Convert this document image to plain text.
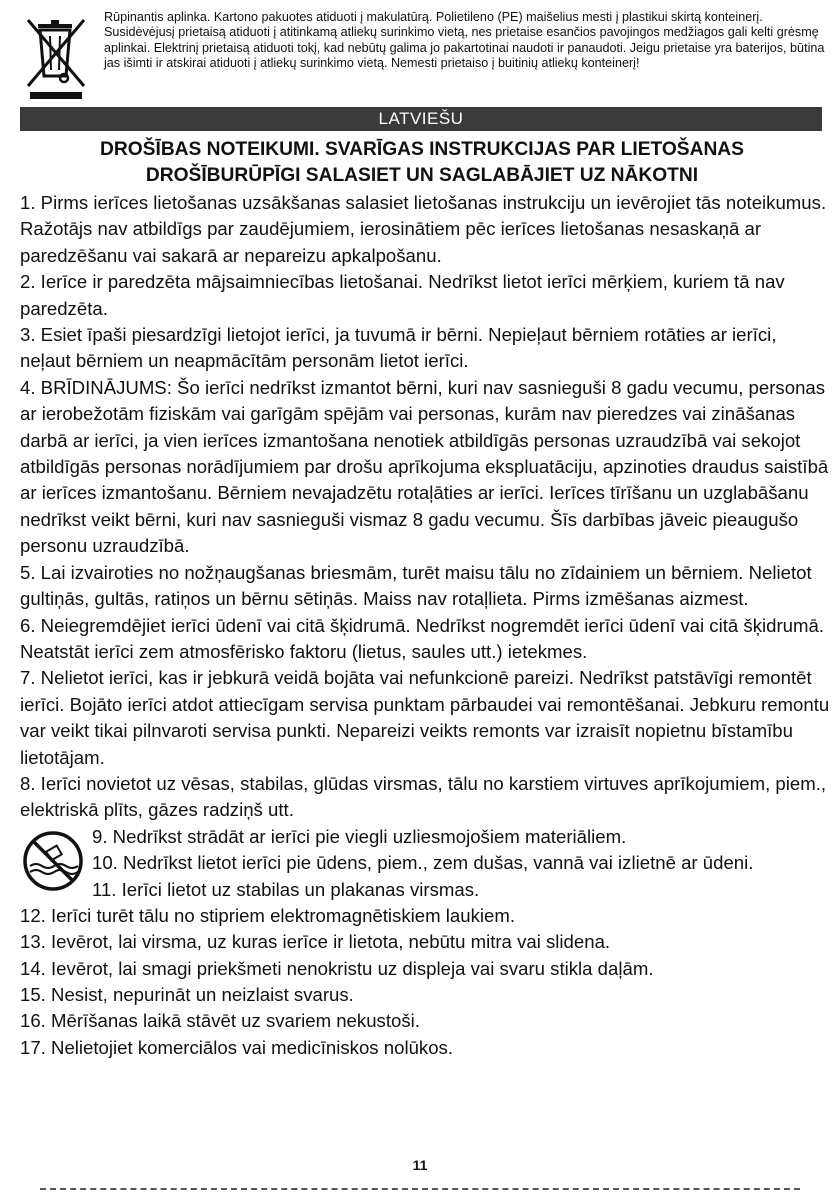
Rūpinantis aplinka. Kartono pakuotes atiduoti į makulatūrą. Polietileno (PE) maišelius mesti į plastikui skirtą konteinerį. Susidėvėjusį prietaisą atiduoti į atitinkamą atliekų surinkimo vietą, nes prietaise esančios pavojingos medžiagos gali kelti grėsmę aplinkai. Elektrinį prietaisą atiduoti tokį, kad nebūtų galima jo pakartotinai naudoti ir panaudoti. Jeigu prietaise yra baterijos, būtina jas išimti ir atskirai atiduoti į atliekų surinkimo vietą. Nemesti prietaiso į buitinių atliekų konteinerį!
LATVIEŠU
DROŠĪBAS NOTEIKUMI. SVARĪGAS INSTRUKCIJAS PAR LIETOŠANAS
DROŠĪBURŪPĪGI SALASIET UN SAGLABĀJIET UZ NĀKOTNI

1. Pirms ierīces lietošanas uzsākšanas salasiet lietošanas instrukciju un ievērojiet tās noteikumus. Ražotājs nav atbildīgs par zaudējumiem, ierosinātiem pēc ierīces lietošanas nesaskaņā ar paredzēšanu vai sakarā ar nepareizu apkalpošanu.

2. Ierīce ir paredzēta mājsaimniecības lietošanai. Nedrīkst lietot ierīci mērķiem, kuriem tā nav paredzēta.

3. Esiet īpaši piesardzīgi lietojot ierīci, ja tuvumā ir bērni. Nepieļaut bērniem rotāties ar ierīci, neļaut bērniem un neapmācītām personām lietot ierīci.

4. BRĪDINĀJUMS: Šo ierīci nedrīkst izmantot bērni, kuri nav sasnieguši 8 gadu vecumu, personas ar ierobežotām fiziskām vai garīgām spējām vai personas, kurām nav pieredzes vai zināšanas darbā ar ierīci, ja vien ierīces izmantošana nenotiek atbildīgās personas uzraudzībā vai sekojot atbildīgās personas norādījumiem par drošu aprīkojuma ekspluatāciju, apzinoties draudus saistībā ar ierīces izmantošanu. Bērniem nevajadzētu rotaļāties ar ierīci. Ierīces tīrīšanu un uzglabāšanu nedrīkst veikt bērni, kuri nav sasnieguši vismaz 8 gadu vecumu. Šīs darbības jāveic pieaugušo personu uzraudzībā.

5. Lai izvairoties no nožņaugšanas briesmām, turēt maisu tālu no zīdainiem un bērniem. Nelietot gultiņās, gultās, ratiņos un bērnu sētiņās. Maiss nav rotaļlieta. Pirms izmēšanas aizmest.

6. Neiegremdējiet ierīci ūdenī vai citā šķidrumā. Nedrīkst nogremdēt ierīci ūdenī vai citā šķidrumā. Neatstāt ierīci zem atmosfērisko faktoru (lietus, saules utt.) ietekmes.

7. Nelietot ierīci, kas ir jebkurā veidā bojāta vai nefunkcionē pareizi. Nedrīkst patstāvīgi remontēt ierīci. Bojāto ierīci atdot attiecīgam servisa punktam pārbaudei vai remontēšanai. Jebkuru remontu var veikt tikai pilnvaroti servisa punkti. Nepareizi veikts remonts var izraisīt nopietnu bīstamību lietotājam.

8. Ierīci novietot uz vēsas, stabilas, glūdas virsmas, tālu no karstiem virtuves aprīkojumiem, piem., elektriskā plīts, gāzes radziņš utt.

9. Nedrīkst strādāt ar ierīci pie viegli uzliesmojošiem materiāliem.

10. Nedrīkst lietot ierīci pie ūdens, piem., zem dušas, vannā vai izlietnē ar ūdeni.

11. Ierīci lietot uz stabilas un plakanas virsmas.

12. Ierīci turēt tālu no stipriem elektromagnētiskiem laukiem.

13. Ievērot, lai virsma, uz kuras ierīce ir lietota, nebūtu mitra vai slidena.

14. Ievērot, lai smagi priekšmeti nenokristu uz displeja vai svaru stikla daļām.

15. Nesist, nepurināt un neizlaist svarus.

16. Mērīšanas laikā stāvēt uz svariem nekustoši.

17. Nelietojiet komerciālos vai medicīniskos nolūkos.

11
